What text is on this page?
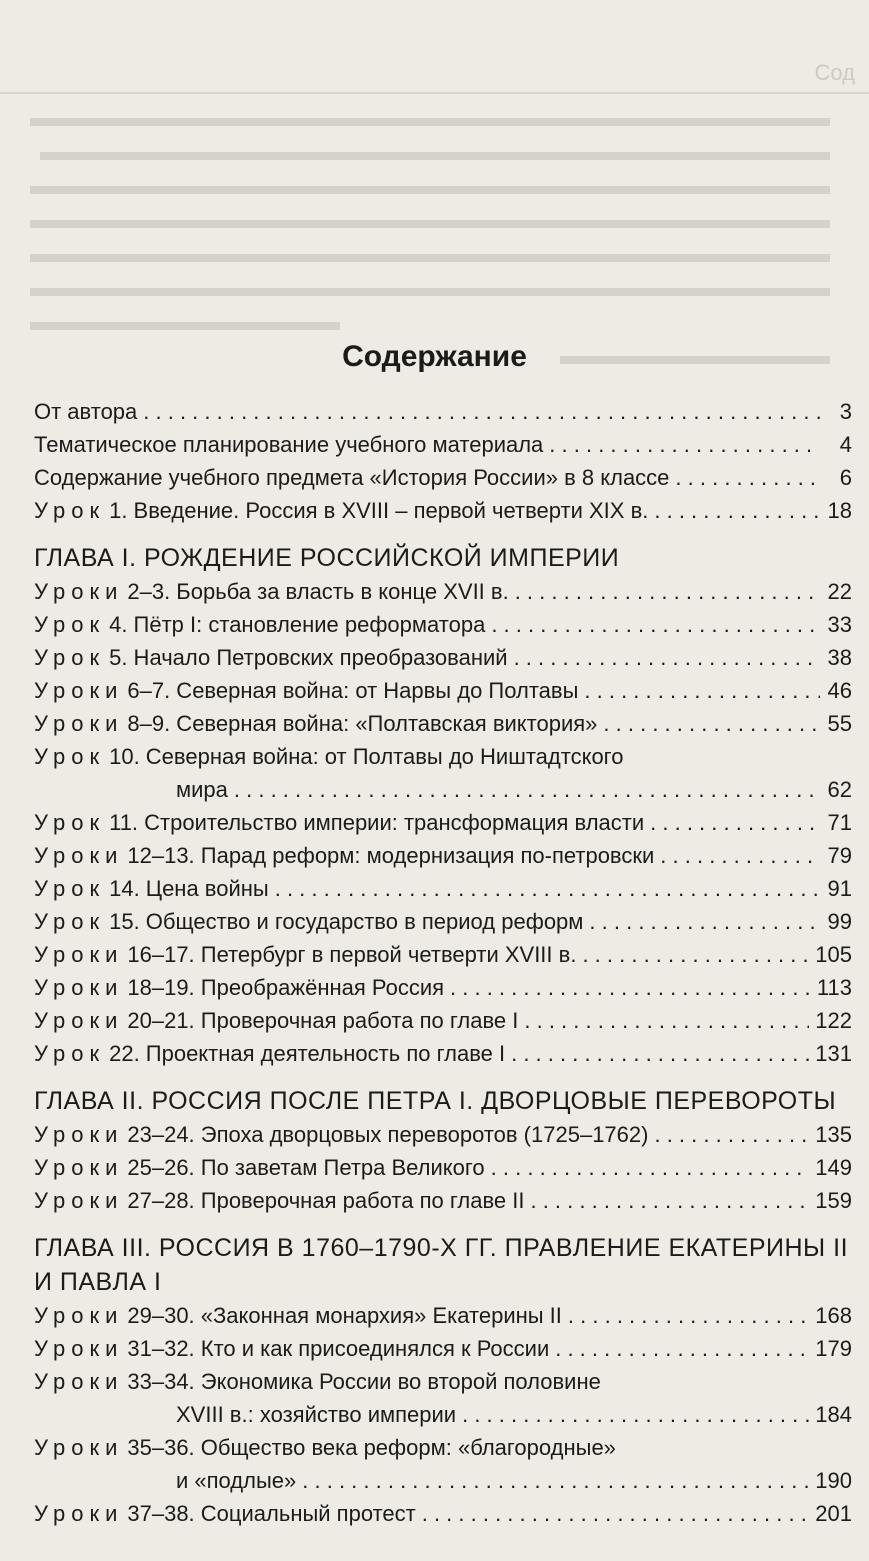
Сод
Содержание
От автора . . .	3
Тематическое планирование учебного материала . . .	4
Содержание учебного предмета «История России» в 8 классе . . .	6
Урок 1. Введение. Россия в XVIII – первой четверти XIX в. . . .	18
ГЛАВА I. РОЖДЕНИЕ РОССИЙСКОЙ ИМПЕРИИ
Уроки 2–3. Борьба за власть в конце XVII в. . . .	22
Урок 4. Пётр I: становление реформатора . . .	33
Урок 5. Начало Петровских преобразований . . .	38
Уроки 6–7. Северная война: от Нарвы до Полтавы . . .	46
Уроки 8–9. Северная война: «Полтавская виктория» . . .	55
Урок 10. Северная война: от Полтавы до Ништадтского
мира . . .	62
Урок 11. Строительство империи: трансформация власти . . .	71
Уроки 12–13. Парад реформ: модернизация по-петровски . . .	79
Урок 14. Цена войны . . .	91
Урок 15. Общество и государство в период реформ . . .	99
Уроки 16–17. Петербург в первой четверти XVIII в. . . .	105
Уроки 18–19. Преображённая Россия . . .	113
Уроки 20–21. Проверочная работа по главе I . . .	122
Урок 22. Проектная деятельность по главе I . . .	131
ГЛАВА II. РОССИЯ ПОСЛЕ ПЕТРА I. ДВОРЦОВЫЕ ПЕРЕВОРОТЫ
Уроки 23–24. Эпоха дворцовых переворотов (1725–1762) . . .	135
Уроки 25–26. По заветам Петра Великого . . .	149
Уроки 27–28. Проверочная работа по главе II . . .	159
ГЛАВА III. РОССИЯ В 1760–1790-Х ГГ. ПРАВЛЕНИЕ ЕКАТЕРИНЫ II И ПАВЛА I
Уроки 29–30. «Законная монархия» Екатерины II . . .	168
Уроки 31–32. Кто и как присоединялся к России . . .	179
Уроки 33–34. Экономика России во второй половине
XVIII в.: хозяйство империи . . .	184
Уроки 35–36. Общество века реформ: «благородные»
и «подлые» . . .	190
Уроки 37–38. Социальный протест . . .	201
